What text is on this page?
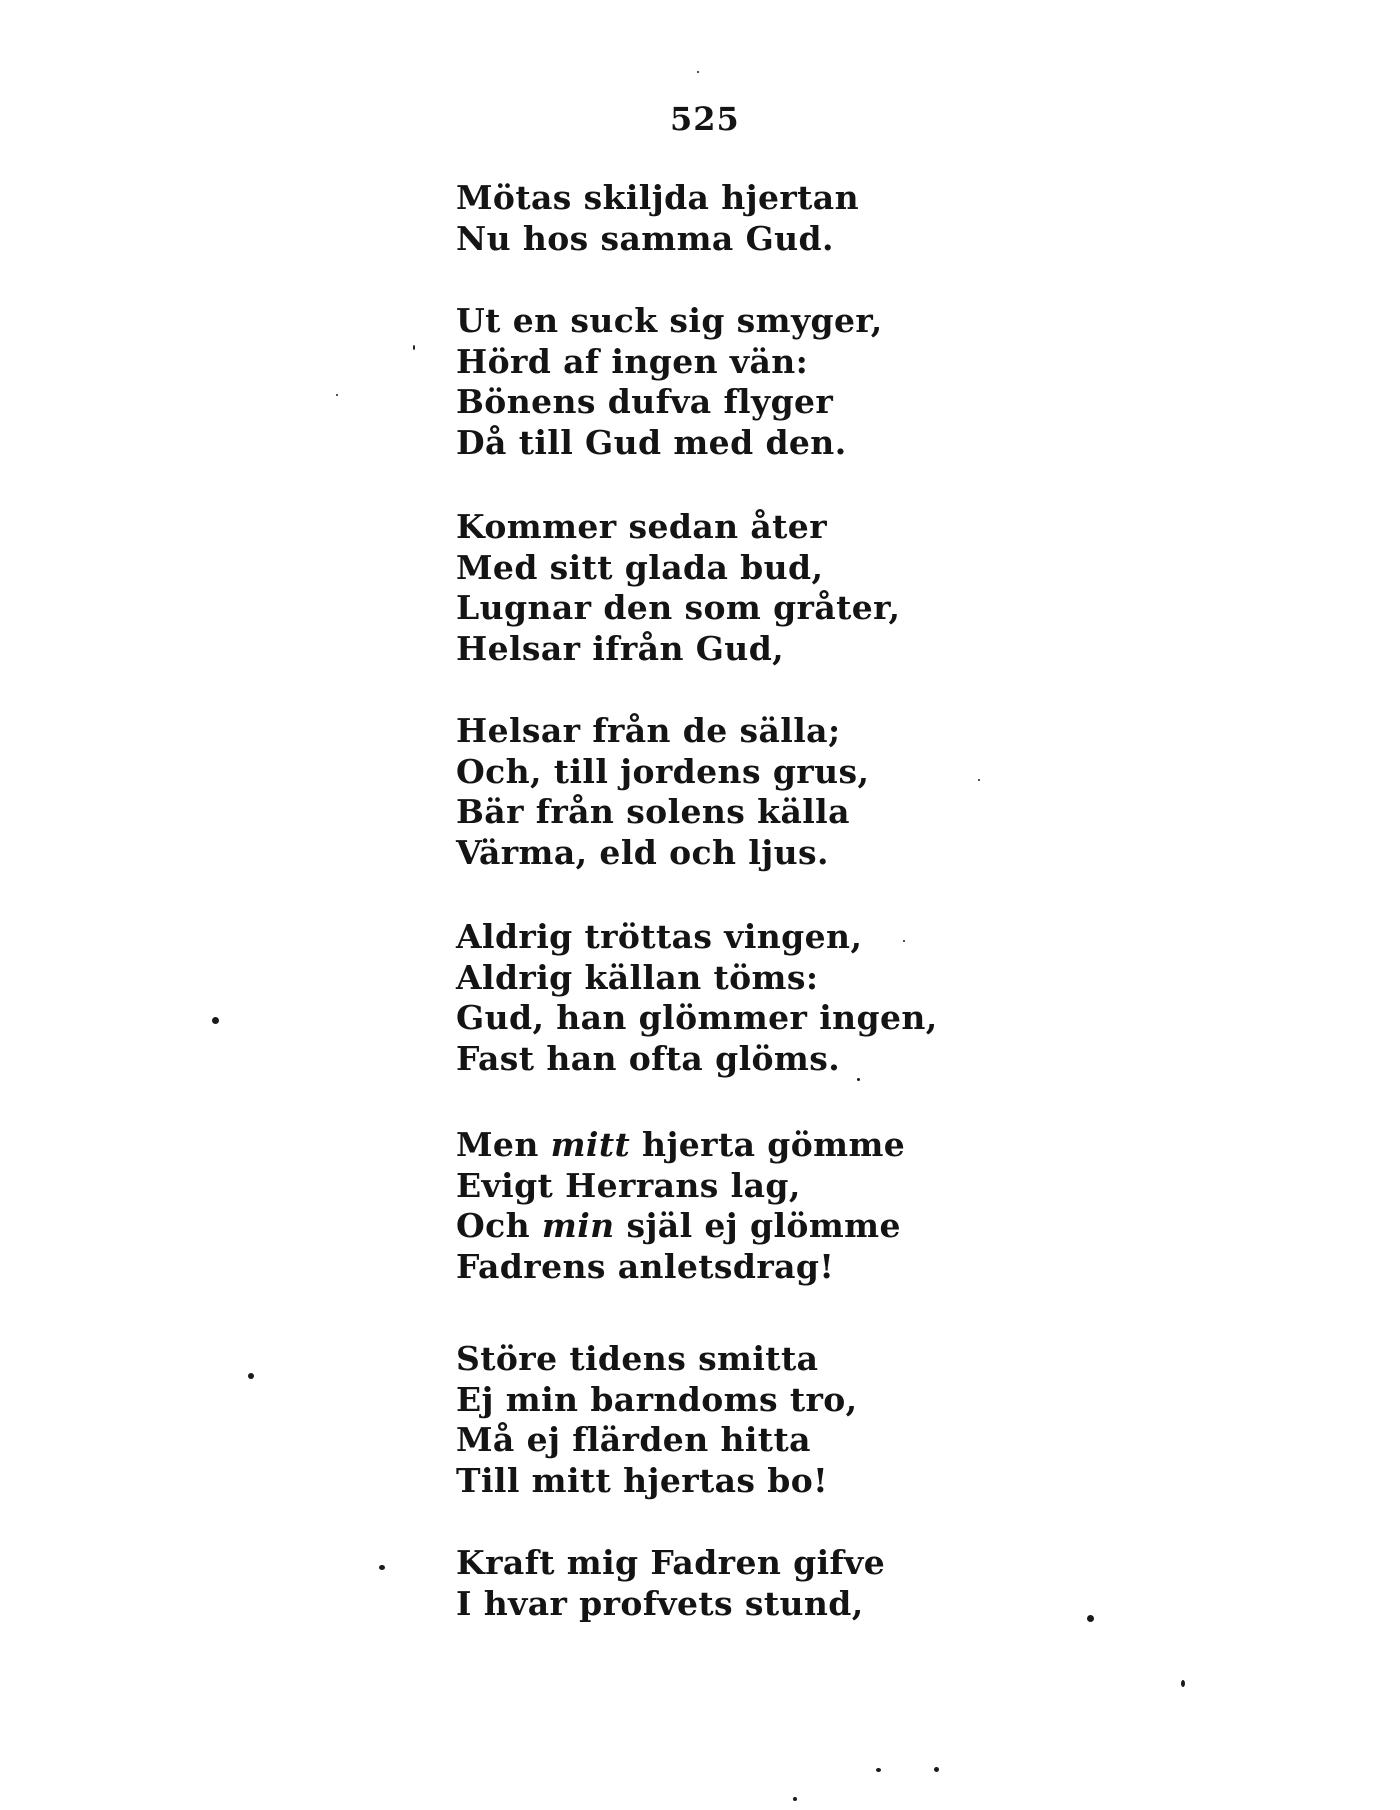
525
Mötas skiljda hjertan
Nu hos samma Gud.
Ut en suck sig smyger,
Hörd af ingen vän:
Bönens dufva flyger
Då till Gud med den.
Kommer sedan åter
Med sitt glada bud,
Lugnar den som gråter,
Helsar ifrån Gud,
Helsar från de sälla;
Och, till jordens grus,
Bär från solens källa
Värma, eld och ljus.
Aldrig tröttas vingen,
Aldrig källan töms:
Gud, han glömmer ingen,
Fast han ofta glöms.
Men mitt hjerta gömme
Evigt Herrans lag,
Och min själ ej glömme
Fadrens anletsdrag!
Störe tidens smitta
Ej min barndoms tro,
Må ej flärden hitta
Till mitt hjertas bo!
Kraft mig Fadren gifve
I hvar profvets stund,
